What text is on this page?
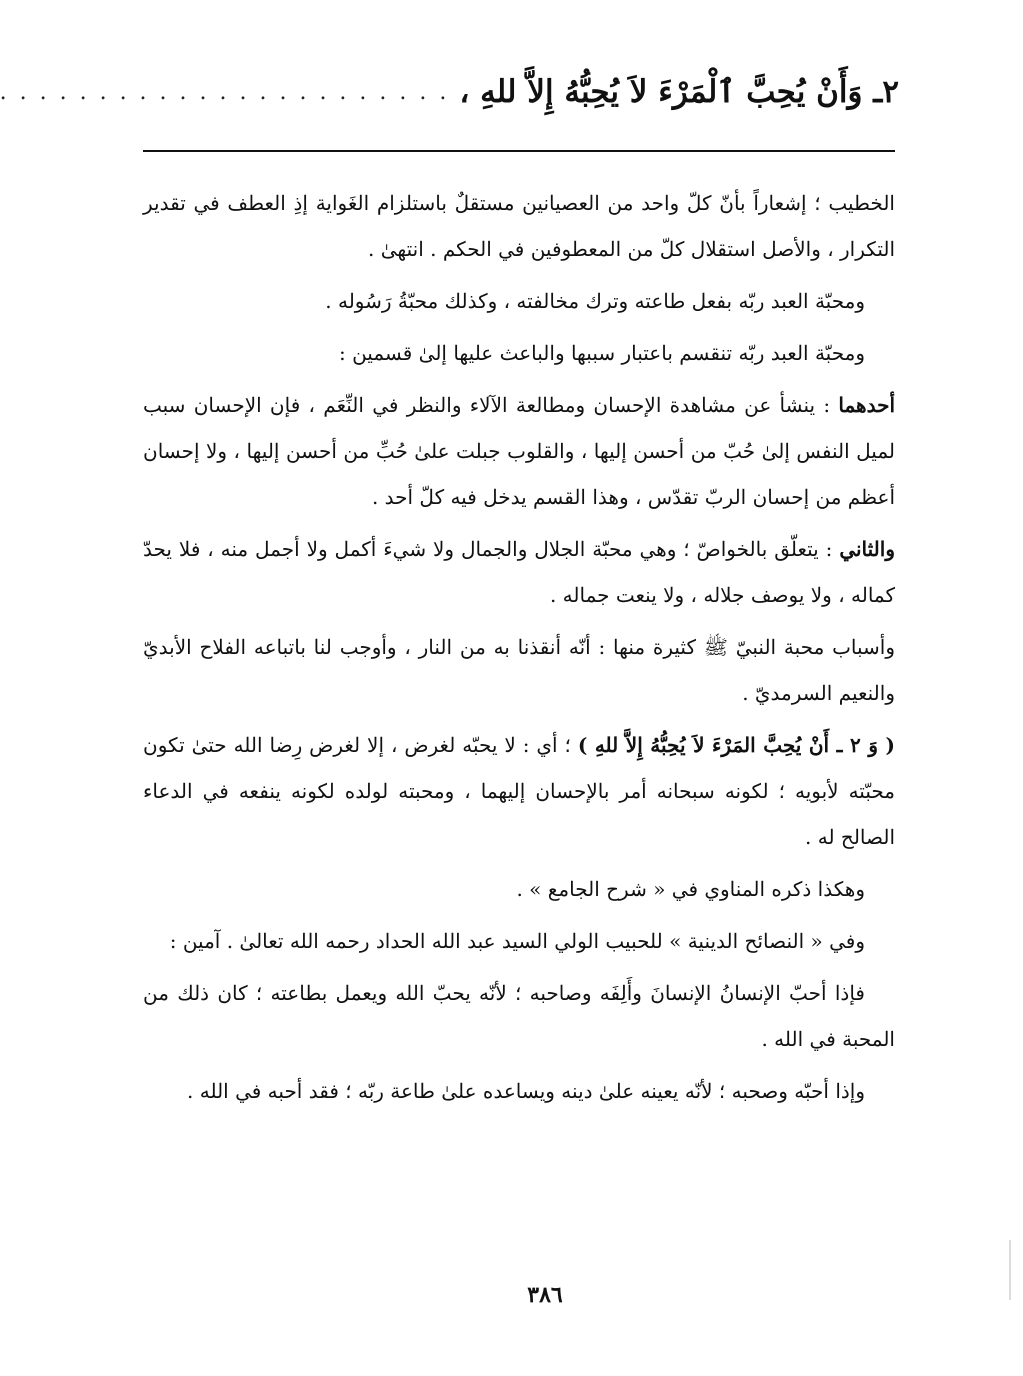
٢ـ وَأَنْ يُحِبَّ ٱلْمَرْءَ لاَ يُحِبُّهُ إِلاَّ للهِ ،
. . . . . . . . . . . . . . . . . . . . . . .

الخطيب ؛ إشعاراً بأنّ كلّ واحد من العصيانين مستقلٌ باستلزام الغَواية إذِ العطف في تقدير التكرار ، والأصل استقلال كلّ من المعطوفين في الحكم . انتهىٰ .

ومحبّة العبد ربّه بفعل طاعته وترك مخالفته ، وكذلك محبّةُ رَسُوله .

ومحبّة العبد ربّه تنقسم باعتبار سببها والباعث عليها إلىٰ قسمين :

أحدهما : ينشأ عن مشاهدة الإحسان ومطالعة الآلاء والنظر في النِّعَم ، فإن الإحسان سبب لميل النفس إلىٰ حُبّ من أحسن إليها ، والقلوب جبلت علىٰ حُبِّ من أحسن إليها ، ولا إحسان أعظم من إحسان الربّ تقدّس ، وهذا القسم يدخل فيه كلّ أحد .

والثاني : يتعلّق بالخواصّ ؛ وهي محبّة الجلال والجمال ولا شيءَ أكمل ولا أجمل منه ، فلا يحدّ كماله ، ولا يوصف جلاله ، ولا ينعت جماله .

وأسباب محبة النبيّ ﷺ كثيرة منها : أنّه أنقذنا به من النار ، وأوجب لنا باتباعه الفلاح الأبديّ والنعيم السرمديّ .

( وَ ٢ ـ أَنْ يُحِبَّ المَرْءَ لاَ يُحِبُّهُ إِلاَّ للهِ ) ؛ أي : لا يحبّه لغرض ، إلا لغرض رِضا الله حتىٰ تكون محبّته لأبويه ؛ لكونه سبحانه أمر بالإحسان إليهما ، ومحبته لولده لكونه ينفعه في الدعاء الصالح له .

وهكذا ذكره المناوي في « شرح الجامع » .

وفي « النصائح الدينية » للحبيب الولي السيد عبد الله الحداد رحمه الله تعالىٰ . آمين :

فإذا أحبّ الإنسانُ الإنسانَ وأَلِفَه وصاحبه ؛ لأنّه يحبّ الله ويعمل بطاعته ؛ كان ذلك من المحبة في الله .

وإذا أحبّه وصحبه ؛ لأنّه يعينه علىٰ دينه ويساعده علىٰ طاعة ربّه ؛ فقد أحبه في الله .

٣٨٦
